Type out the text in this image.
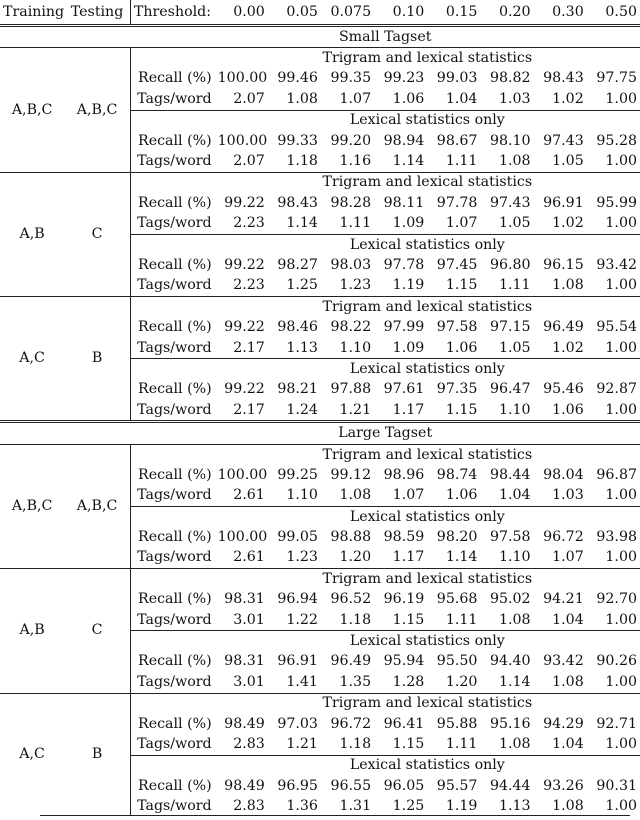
Training	Testing	Threshold:	0.00	0.05	0.075	0.10	0.15	0.20	0.30	0.50
		Small Tagset								
A,B,C	A,B,C		Trigram and lexical statistics							
		Recall (%)	100.00	99.46	99.35	99.23	99.03	98.82	98.43	97.75
		Tags/word	2.07	1.08	1.07	1.06	1.04	1.03	1.02	1.00
			Lexical statistics only							
		Recall (%)	100.00	99.33	99.20	98.94	98.67	98.10	97.43	95.28
		Tags/word	2.07	1.18	1.16	1.14	1.11	1.08	1.05	1.00
A,B	C		Trigram and lexical statistics							
		Recall (%)	99.22	98.43	98.28	98.11	97.78	97.43	96.91	95.99
		Tags/word	2.23	1.14	1.11	1.09	1.07	1.05	1.02	1.00
			Lexical statistics only							
		Recall (%)	99.22	98.27	98.03	97.78	97.45	96.80	96.15	93.42
		Tags/word	2.23	1.25	1.23	1.19	1.15	1.11	1.08	1.00
A,C	B		Trigram and lexical statistics							
		Recall (%)	99.22	98.46	98.22	97.99	97.58	97.15	96.49	95.54
		Tags/word	2.17	1.13	1.10	1.09	1.06	1.05	1.02	1.00
			Lexical statistics only							
		Recall (%)	99.22	98.21	97.88	97.61	97.35	96.47	95.46	92.87
		Tags/word	2.17	1.24	1.21	1.17	1.15	1.10	1.06	1.00
		Large Tagset								
A,B,C	A,B,C		Trigram and lexical statistics							
		Recall (%)	100.00	99.25	99.12	98.96	98.74	98.44	98.04	96.87
		Tags/word	2.61	1.10	1.08	1.07	1.06	1.04	1.03	1.00
			Lexical statistics only							
		Recall (%)	100.00	99.05	98.88	98.59	98.20	97.58	96.72	93.98
		Tags/word	2.61	1.23	1.20	1.17	1.14	1.10	1.07	1.00
A,B	C		Trigram and lexical statistics							
		Recall (%)	98.31	96.94	96.52	96.19	95.68	95.02	94.21	92.70
		Tags/word	3.01	1.22	1.18	1.15	1.11	1.08	1.04	1.00
			Lexical statistics only							
		Recall (%)	98.31	96.91	96.49	95.94	95.50	94.40	93.42	90.26
		Tags/word	3.01	1.41	1.35	1.28	1.20	1.14	1.08	1.00
A,C	B		Trigram and lexical statistics							
		Recall (%)	98.49	97.03	96.72	96.41	95.88	95.16	94.29	92.71
		Tags/word	2.83	1.21	1.18	1.15	1.11	1.08	1.04	1.00
			Lexical statistics only							
		Recall (%)	98.49	96.95	96.55	96.05	95.57	94.44	93.26	90.31
		Tags/word	2.83	1.36	1.31	1.25	1.19	1.13	1.08	1.00
